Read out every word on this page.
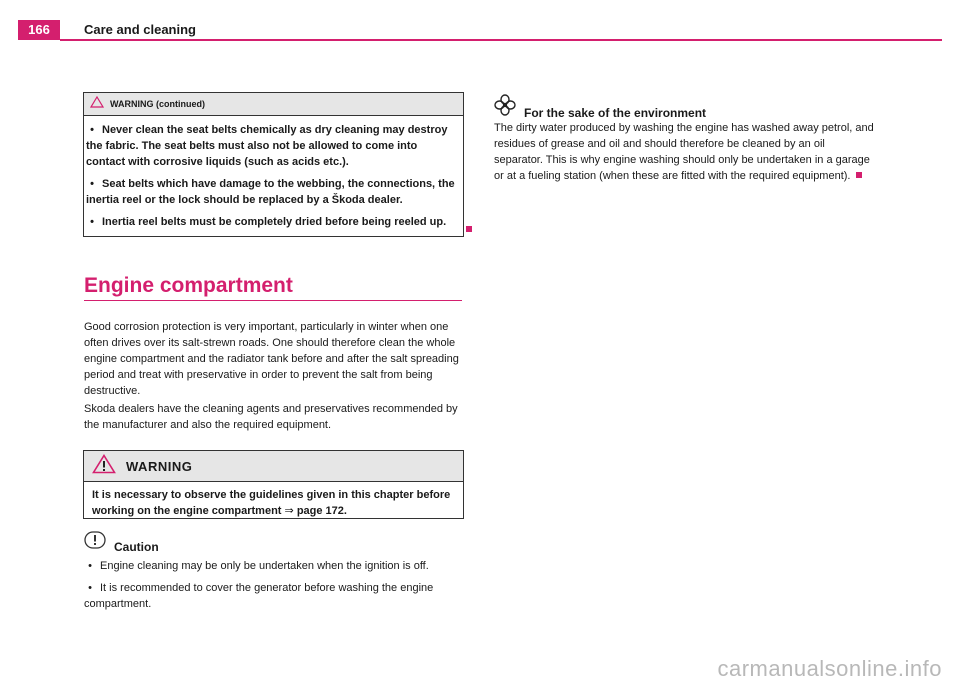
166	Care and cleaning
WARNING (continued)

• Never clean the seat belts chemically as dry cleaning may destroy the fabric. The seat belts must also not be allowed to come into contact with corrosive liquids (such as acids etc.).

• Seat belts which have damage to the webbing, the connections, the inertia reel or the lock should be replaced by a Škoda dealer.

• Inertia reel belts must be completely dried before being reeled up.

Engine compartment

Good corrosion protection is very important, particularly in winter when one often drives over its salt-strewn roads. One should therefore clean the whole engine compartment and the radiator tank before and after the salt spreading period and treat with preservative in order to prevent the salt from being destructive.

Skoda dealers have the cleaning agents and preservatives recommended by the manufacturer and also the required equipment.

WARNING
It is necessary to observe the guidelines given in this chapter before working on the engine compartment ⇒ page 172.
Caution

• Engine cleaning may be only be undertaken when the ignition is off.

• It is recommended to cover the generator before washing the engine compartment.

For the sake of the environment

The dirty water produced by washing the engine has washed away petrol, and residues of grease and oil and should therefore be cleaned by an oil separator. This is why engine washing should only be undertaken in a garage or at a fueling station (when these are fitted with the required equipment).

carmanualsonline.info
